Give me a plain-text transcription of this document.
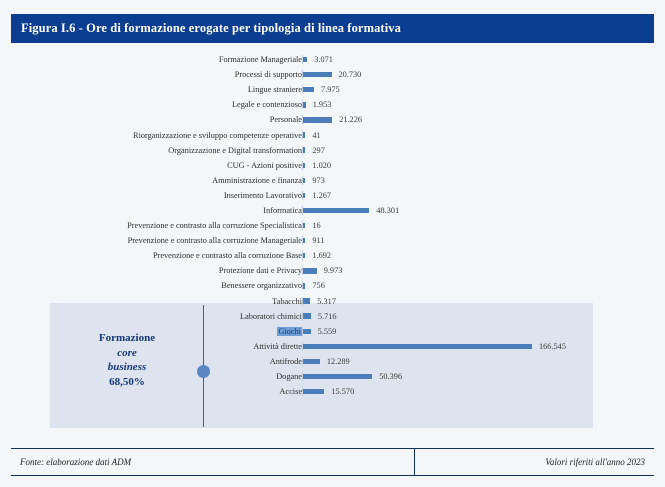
Figura I.6 - Ore di formazione erogate per tipologia di linea formativa
Formazione
core
business
68,50%
Formazione Manageriale 3.071
Processi di supporto	20.730
Lingue straniere 7.975
Legale e contenzioso 1.953
Personale	21.226
Riorganizzazione e sviluppo competenze operative 41
Organizzazione e Digital transformation 297
CUG - Azioni positive 1.020
Amministrazione e finanza 973
Inserimento Lavorativo 1.267
Informatica	48.301
Prevenzione e contrasto alla corruzione Specialistica 16
Prevenzione e contrasto alla corruzione Manageriale 911
Prevenzione e contrasto alla corruzione Base 1.692
Protezione dati e Privacy	9.973
Benessere organizzativo 756
Tabacchi 5.317
Laboratori chimici 5.716
Giochi 5.559
Attività dirette	166.545
Antifrode	12.289
Dogane	50.396
Accise	15.570
Fonte: elaborazione dati ADM	Valori riferiti all'anno 2023
